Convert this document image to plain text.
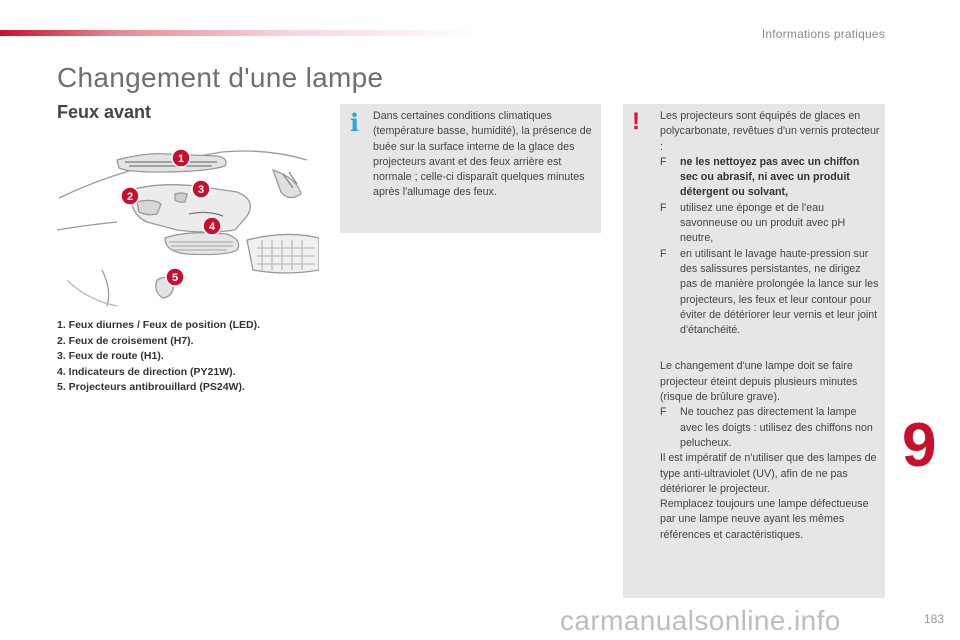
Informations pratiques
Changement d'une lampe
Feux avant
1
2
3
4
5
1. Feux diurnes / Feux de position (LED).
2. Feux de croisement (H7).
3. Feux de route (H1).
4. Indicateurs de direction (PY21W).
5. Projecteurs antibrouillard (PS24W).
i Dans certaines conditions climatiques (température basse, humidité), la présence de buée sur la surface interne de la glace des projecteurs avant et des feux arrière est normale ; celle-ci disparaît quelques minutes après l'allumage des feux.

! Les projecteurs sont équipés de glaces en polycarbonate, revêtues d'un vernis protecteur :

F ne les nettoyez pas avec un chiffon sec ou abrasif, ni avec un produit détergent ou solvant,
F utilisez une éponge et de l'eau savonneuse ou un produit avec pH neutre,
F en utilisant le lavage haute-pression sur des salissures persistantes, ne dirigez pas de manière prolongée la lance sur les projecteurs, les feux et leur contour pour éviter de détériorer leur vernis et leur joint d'étanchéité.

Le changement d'une lampe doit se faire projecteur éteint depuis plusieurs minutes (risque de brûlure grave).

F Ne touchez pas directement la lampe avec les doigts : utilisez des chiffons non pelucheux.

Il est impératif de n'utiliser que des lampes de type anti-ultraviolet (UV), afin de ne pas détériorer le projecteur.

Remplacez toujours une lampe défectueuse par une lampe neuve ayant les mêmes références et caractéristiques.

9
carmanualsonline.info	183
